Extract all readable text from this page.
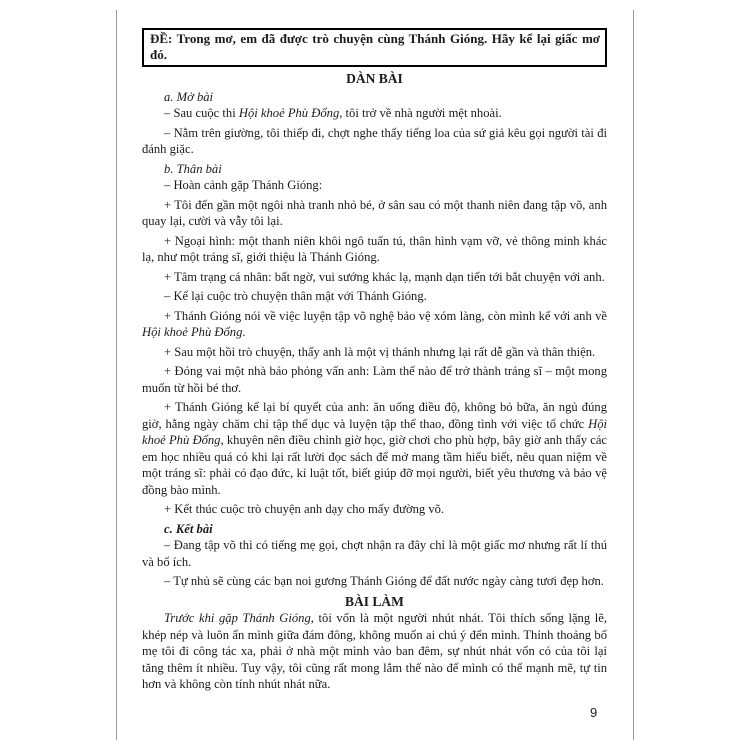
ĐỀ: Trong mơ, em đã được trò chuyện cùng Thánh Gióng. Hãy kể lại giấc mơ đó.
DÀN BÀI
a. Mở bài

– Sau cuộc thi Hội khoẻ Phù Đổng, tôi trở về nhà người mệt nhoài.

– Nằm trên giường, tôi thiếp đi, chợt nghe thấy tiếng loa của sứ giả kêu gọi người tài đi đánh giặc.

b. Thân bài

– Hoàn cảnh gặp Thánh Gióng:

+ Tôi đến gần một ngôi nhà tranh nhỏ bé, ở sân sau có một thanh niên đang tập võ, anh quay lại, cười và vẫy tôi lại.

+ Ngoại hình: một thanh niên khôi ngô tuấn tú, thân hình vạm vỡ, vẻ thông minh khác lạ, như một tráng sĩ, giới thiệu là Thánh Gióng.

+ Tâm trạng cá nhân: bất ngờ, vui sướng khác lạ, mạnh dạn tiến tới bắt chuyện với anh.

– Kể lại cuộc trò chuyện thân mật với Thánh Gióng.

+ Thánh Gióng nói về việc luyện tập võ nghệ bảo vệ xóm làng, còn mình kể với anh về Hội khoẻ Phù Đổng.

+ Sau một hồi trò chuyện, thấy anh là một vị thánh nhưng lại rất dễ gần và thân thiện.

+ Đóng vai một nhà báo phỏng vấn anh: Làm thế nào để trở thành tráng sĩ – một mong muốn từ hồi bé thơ.

+ Thánh Gióng kể lại bí quyết của anh: ăn uống điều độ, không bỏ bữa, ăn ngủ đúng giờ, hằng ngày chăm chỉ tập thể dục và luyện tập thể thao, đồng tình với việc tổ chức Hội khoẻ Phù Đổng, khuyên nên điều chỉnh giờ học, giờ chơi cho phù hợp, bây giờ anh thấy các em học nhiều quá có khi lại rất lười đọc sách để mở mang tầm hiểu biết, nêu quan niệm về một tráng sĩ: phải có đạo đức, kỉ luật tốt, biết giúp đỡ mọi người, biết yêu thương và bảo vệ đồng bào mình.

+ Kết thúc cuộc trò chuyện anh dạy cho mấy đường võ.

c. Kết bài

– Đang tập võ thì có tiếng mẹ gọi, chợt nhận ra đây chỉ là một giấc mơ nhưng rất lí thú và bổ ích.

– Tự nhủ sẽ cùng các bạn noi gương Thánh Gióng để đất nước ngày càng tươi đẹp hơn.

BÀI LÀM

Trước khi gặp Thánh Gióng, tôi vốn là một người nhút nhát. Tôi thích sống lặng lẽ, khép nép và luôn ẩn mình giữa đám đông, không muốn ai chú ý đến mình. Thỉnh thoảng bố mẹ tôi đi công tác xa, phải ở nhà một mình vào ban đêm, sự nhút nhát vốn có của tôi lại tăng thêm ít nhiều. Tuy vậy, tôi cũng rất mong lắm thế nào để mình có thể mạnh mẽ, tự tin hơn và không còn tính nhút nhát nữa.

9
